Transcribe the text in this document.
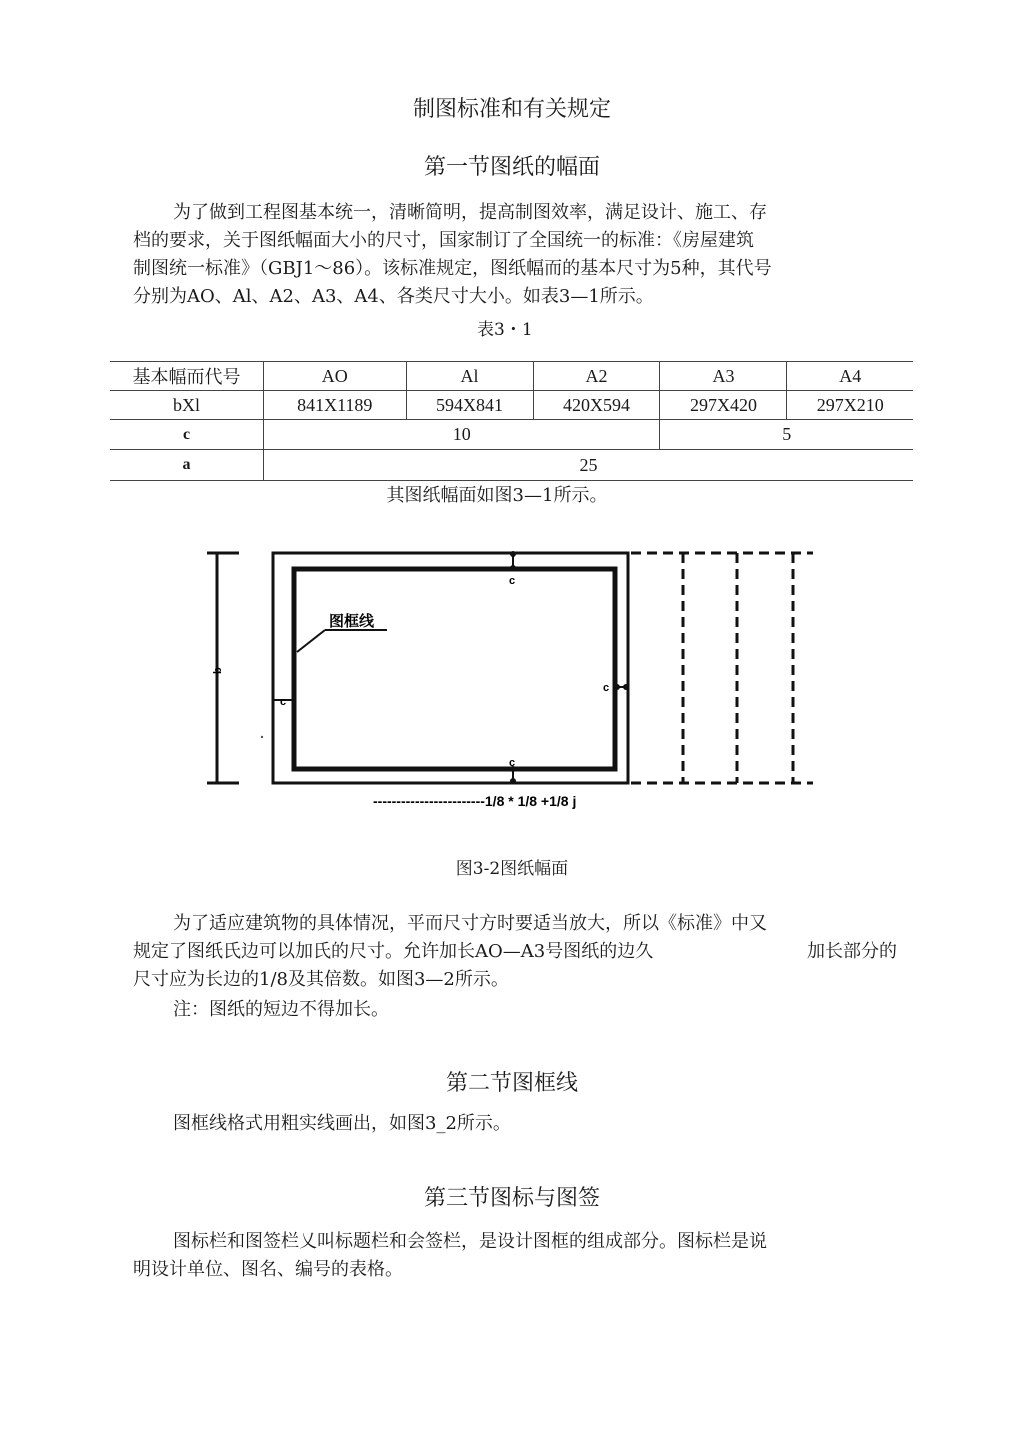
制图标准和有关规定
第一节图纸的幅面
为了做到工程图基本统一，清晰简明，提高制图效率，满足设计、施工、存
档的要求，关于图纸幅面大小的尺寸，国家制订了全国统一的标准：《房屋建筑
制图统一标准》（GBJ1～86）。该标准规定，图纸幅而的基本尺寸为5种，其代号
分别为AO、Al、A2、A3、A4、各类尺寸大小。如表3—1所示。
表3・1
基本幅而代号	AO	Al	A2	A3	A4
bXl	841X1189	594X841	420X594	297X420	297X210
c	10			5	
a	25				
其图纸幅面如图3—1所示。
b
c
c
c
c
图框线
------------------------1/8 * 1/8 +1/8 j
图3-2图纸幅面
为了适应建筑物的具体情况，平而尺寸方时要适当放大，所以《标准》中又
规定了图纸氏边可以加氏的尺寸。允许加长AO—A3号图纸的边久	加长部分的
尺寸应为长边的1/8及其倍数。如图3—2所示。
注：图纸的短边不得加长。
第二节图框线
图框线格式用粗实线画出，如图3_2所示。
第三节图标与图签
图标栏和图签栏乂叫标题栏和会签栏，是设计图框的组成部分。图标栏是说
明设计单位、图名、编号的表格。
